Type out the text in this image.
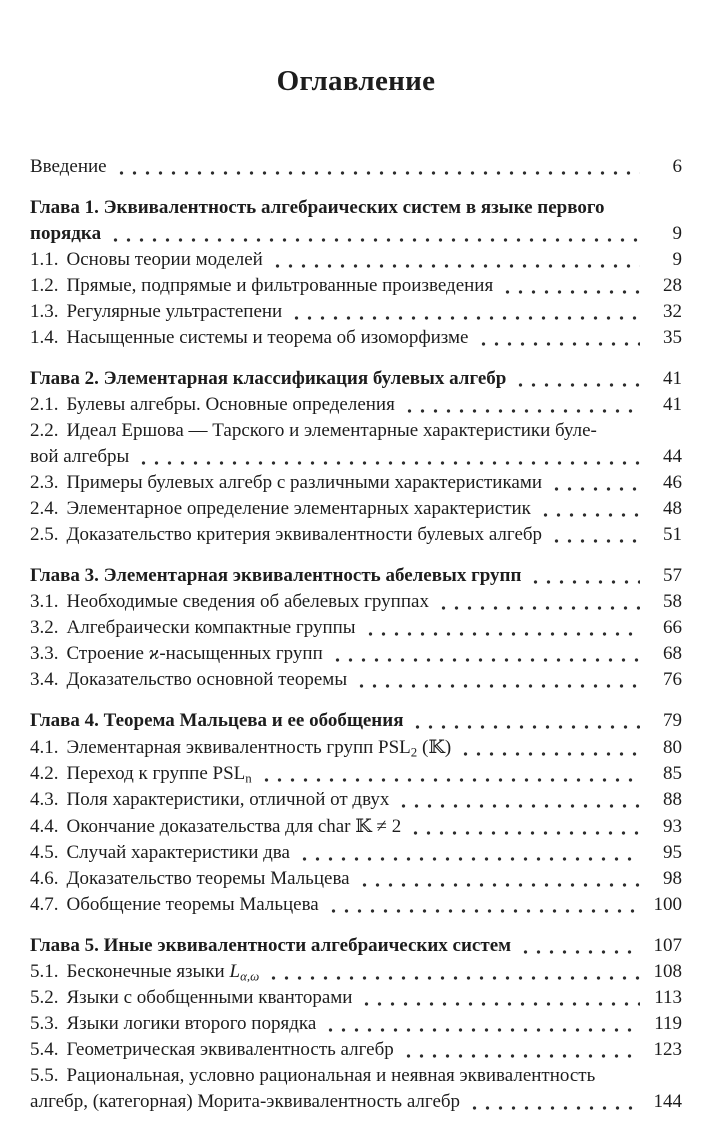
Оглавление
Введение	6
Глава 1. Эквивалентность алгебраических систем в языке первого
порядка	9
1.1. Основы теории моделей	9
1.2. Прямые, подпрямые и фильтрованные произведения	28
1.3. Регулярные ультрастепени	32
1.4. Насыщенные системы и теорема об изоморфизме	35
Глава 2. Элементарная классификация булевых алгебр	41
2.1. Булевы алгебры. Основные определения	41
2.2. Идеал Ершова — Тарского и элементарные характеристики буле-
вой алгебры	44
2.3. Примеры булевых алгебр с различными характеристиками	46
2.4. Элементарное определение элементарных характеристик	48
2.5. Доказательство критерия эквивалентности булевых алгебр	51
Глава 3. Элементарная эквивалентность абелевых групп	57
3.1. Необходимые сведения об абелевых группах	58
3.2. Алгебраически компактные группы	66
3.3. Строение ϰ-насыщенных групп	68
3.4. Доказательство основной теоремы	76
Глава 4. Теорема Мальцева и ее обобщения	79
4.1. Элементарная эквивалентность групп PSL2 (𝕂)	80
4.2. Переход к группе PSLn	85
4.3. Поля характеристики, отличной от двух	88
4.4. Окончание доказательства для char 𝕂 ≠ 2	93
4.5. Случай характеристики два	95
4.6. Доказательство теоремы Мальцева	98
4.7. Обобщение теоремы Мальцева	100
Глава 5. Иные эквивалентности алгебраических систем	107
5.1. Бесконечные языки Lα,ω	108
5.2. Языки с обобщенными кванторами	113
5.3. Языки логики второго порядка	119
5.4. Геометрическая эквивалентность алгебр	123
5.5. Рациональная, условно рациональная и неявная эквивалентность
алгебр, (категорная) Морита-эквивалентность алгебр	144
